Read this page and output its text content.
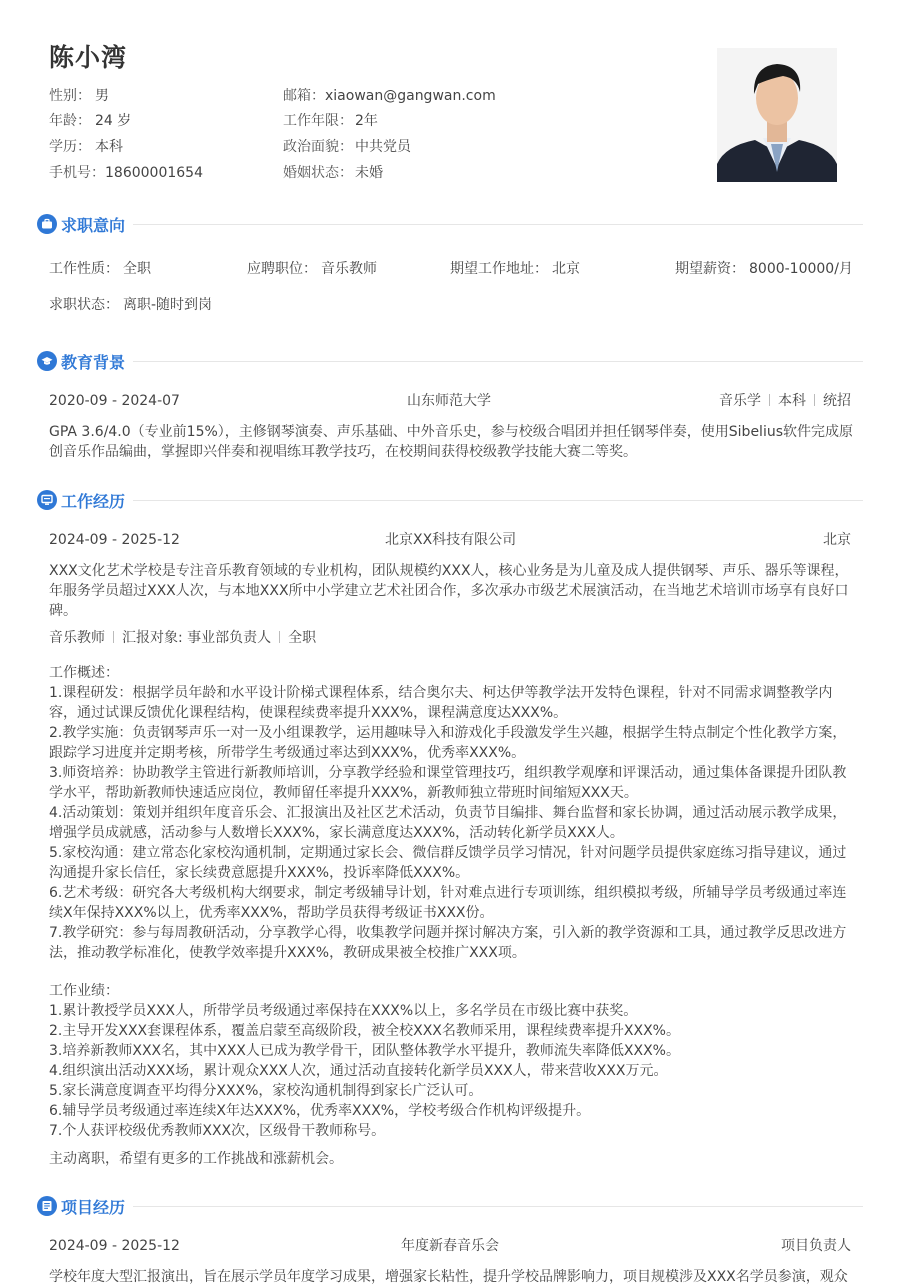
陈小湾
性别： 男
年龄： 24 岁
学历： 本科
手机号：18600001654
邮箱：xiaowan@gangwan.com
工作年限： 2年
政治面貌： 中共党员
婚姻状态： 未婚
求职意向
工作性质： 全职	应聘职位： 音乐教师	期望工作地址： 北京	期望薪资： 8000-10000/月
求职状态： 离职-随时到岗
教育背景
2020-09 - 2024-07	山东师范大学	音乐学 本科 统招
GPA 3.6/4.0（专业前15%），主修钢琴演奏、声乐基础、中外音乐史，参与校级合唱团并担任钢琴伴奏，使用Sibelius软件完成原
创音乐作品编曲，掌握即兴伴奏和视唱练耳教学技巧，在校期间获得校级教学技能大赛二等奖。
工作经历
2024-09 - 2025-12	北京XX科技有限公司	北京
XXX文化艺术学校是专注音乐教育领域的专业机构，团队规模约XXX人，核心业务是为儿童及成人提供钢琴、声乐、器乐等课程，
年服务学员超过XXX人次，与本地XXX所中小学建立艺术社团合作，多次承办市级艺术展演活动，在当地艺术培训市场享有良好口
碑。
音乐教师 汇报对象: 事业部负责人 全职
工作概述：
1.课程研发：根据学员年龄和水平设计阶梯式课程体系，结合奥尔夫、柯达伊等教学法开发特色课程，针对不同需求调整教学内
容，通过试课反馈优化课程结构，使课程续费率提升XXX%，课程满意度达XXX%。
2.教学实施：负责钢琴声乐一对一及小组课教学，运用趣味导入和游戏化手段激发学生兴趣，根据学生特点制定个性化教学方案，
跟踪学习进度并定期考核，所带学生考级通过率达到XXX%，优秀率XXX%。
3.师资培养：协助教学主管进行新教师培训，分享教学经验和课堂管理技巧，组织教学观摩和评课活动，通过集体备课提升团队教
学水平，帮助新教师快速适应岗位，教师留任率提升XXX%，新教师独立带班时间缩短XXX天。
4.活动策划：策划并组织年度音乐会、汇报演出及社区艺术活动，负责节目编排、舞台监督和家长协调，通过活动展示教学成果，
增强学员成就感，活动参与人数增长XXX%，家长满意度达XXX%，活动转化新学员XXX人。
5.家校沟通：建立常态化家校沟通机制，定期通过家长会、微信群反馈学员学习情况，针对问题学员提供家庭练习指导建议，通过
沟通提升家长信任，家长续费意愿提升XXX%，投诉率降低XXX%。
6.艺术考级：研究各大考级机构大纲要求，制定考级辅导计划，针对难点进行专项训练，组织模拟考级，所辅导学员考级通过率连
续X年保持XXX%以上，优秀率XXX%，帮助学员获得考级证书XXX份。
7.教学研究：参与每周教研活动，分享教学心得，收集教学问题并探讨解决方案，引入新的教学资源和工具，通过教学反思改进方
法，推动教学标准化，使教学效率提升XXX%，教研成果被全校推广XXX项。
工作业绩：
1.累计教授学员XXX人，所带学员考级通过率保持在XXX%以上，多名学员在市级比赛中获奖。
2.主导开发XXX套课程体系，覆盖启蒙至高级阶段，被全校XXX名教师采用，课程续费率提升XXX%。
3.培养新教师XXX名，其中XXX人已成为教学骨干，团队整体教学水平提升，教师流失率降低XXX%。
4.组织演出活动XXX场，累计观众XXX人次，通过活动直接转化新学员XXX人，带来营收XXX万元。
5.家长满意度调查平均得分XXX%，家校沟通机制得到家长广泛认可。
6.辅导学员考级通过率连续X年达XXX%，优秀率XXX%，学校考级合作机构评级提升。
7.个人获评校级优秀教师XXX次，区级骨干教师称号。
主动离职，希望有更多的工作挑战和涨薪机会。
项目经历
2024-09 - 2025-12	年度新春音乐会	项目负责人
学校年度大型汇报演出，旨在展示学员年度学习成果，增强家长粘性，提升学校品牌影响力，项目规模涉及XXX名学员参演，观众
